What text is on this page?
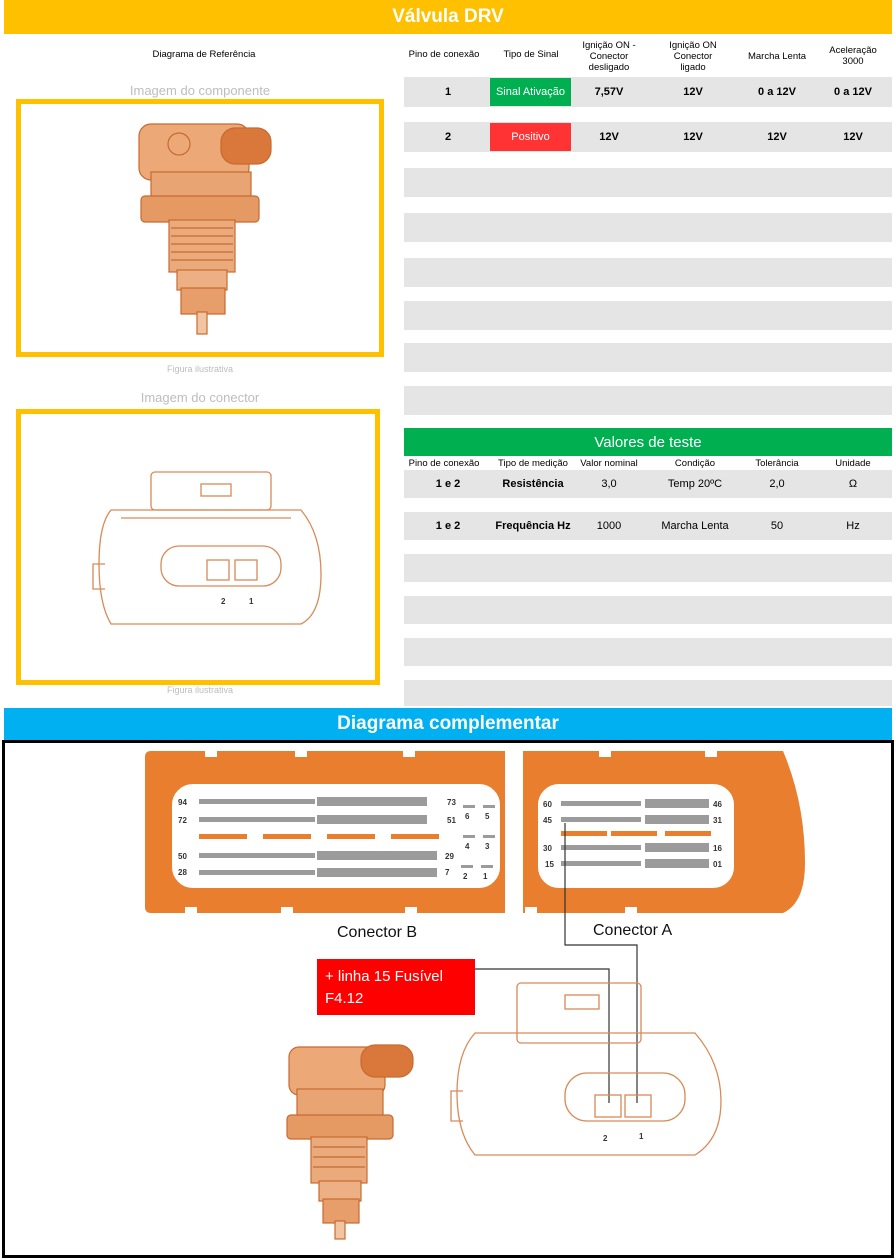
Válvula DRV
Diagrama de Referência	Pino de conexão	Tipo de Sinal
Ignição ON - Conector desligado
Ignição ON Conector ligado
Marcha Lenta	Aceleração 3000
1	Sinal Ativação	7,57V	12V	0 a 12V	0 a 12V
2	Positivo	12V	12V	12V	12V
Imagem do componente
Figura ilustrativa
Imagem do conector
2	1
Figura ilustrativa
Valores de teste
Pino de conexão	Tipo de medição	Valor nominal	Condição	Tolerância	Unidade
1 e 2	Resistência	3,0	Temp 20ºC	2,0	Ω
1 e 2	Frequência Hz	1000	Marcha Lenta	50	Hz
Diagrama complementar
94	73
72	51
50	29
28	7
6 5
4 3
2 1
60	46
45	31
30	16
15	01
Conector B	Conector A
+ linha 15 Fusível
F4.12
2	1
